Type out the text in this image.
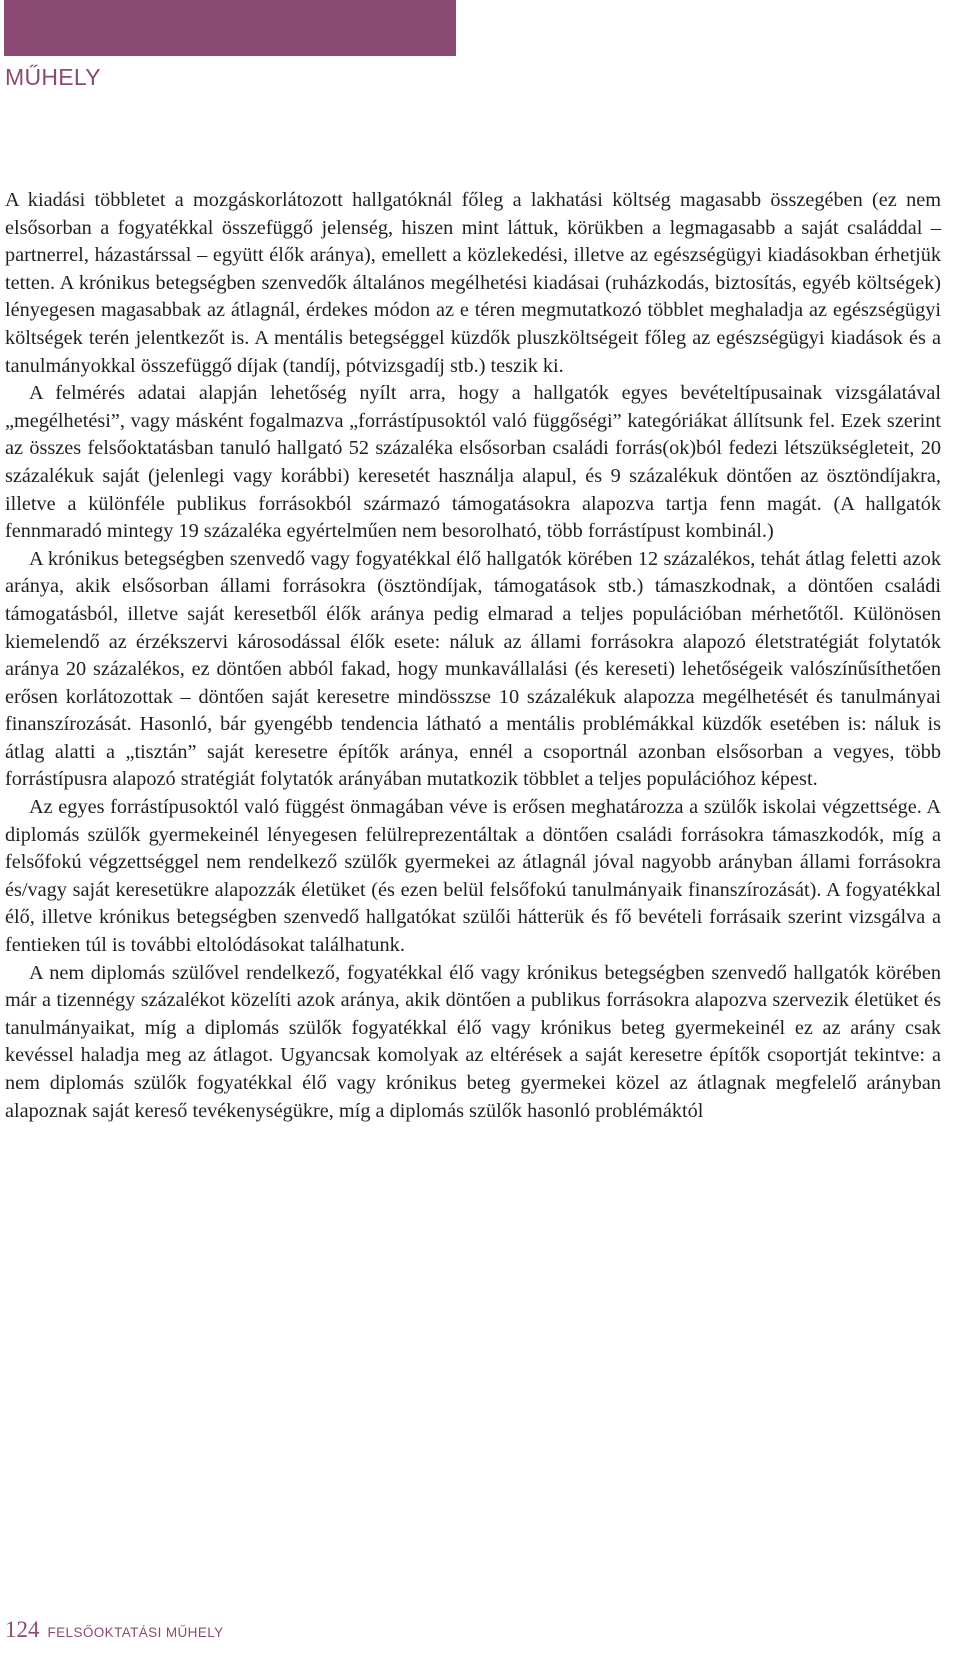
MŰHELY

A kiadási többletet a mozgáskorlátozott hallgatóknál főleg a lakhatási költség magasabb összegében (ez nem elsősorban a fogyatékkal összefüggő jelenség, hiszen mint láttuk, körükben a legmagasabb a saját családdal – partnerrel, házastárssal – együtt élők aránya), emellett a közlekedési, illetve az egészségügyi kiadásokban érhetjük tetten. A krónikus betegségben szenvedők általános megélhetési kiadásai (ruházkodás, biztosítás, egyéb költségek) lényegesen magasabbak az átlagnál, érdekes módon az e téren megmutatkozó többlet meghaladja az egészségügyi költségek terén jelentkezőt is. A mentális betegséggel küzdők pluszköltségeit főleg az egészségügyi kiadások és a tanulmányokkal összefüggő díjak (tandíj, pótvizsgadíj stb.) teszik ki.

A felmérés adatai alapján lehetőség nyílt arra, hogy a hallgatók egyes bevételtípusainak vizsgálatával „megélhetési”, vagy másként fogalmazva „forrástípusoktól való függőségi” kategóriákat állítsunk fel. Ezek szerint az összes felsőoktatásban tanuló hallgató 52 százaléka elsősorban családi forrás(ok)ból fedezi létszükségleteit, 20 százalékuk saját (jelenlegi vagy korábbi) keresetét használja alapul, és 9 százalékuk döntően az ösztöndíjakra, illetve a különféle publikus forrásokból származó támogatásokra alapozva tartja fenn magát. (A hallgatók fennmaradó mintegy 19 százaléka egyértelműen nem besorolható, több forrástípust kombinál.)

A krónikus betegségben szenvedő vagy fogyatékkal élő hallgatók körében 12 százalékos, tehát átlag feletti azok aránya, akik elsősorban állami forrásokra (ösztöndíjak, támogatások stb.) támaszkodnak, a döntően családi támogatásból, illetve saját keresetből élők aránya pedig elmarad a teljes populációban mérhetőtől. Különösen kiemelendő az érzékszervi károsodással élők esete: náluk az állami forrásokra alapozó életstratégiát folytatók aránya 20 százalékos, ez döntően abból fakad, hogy munkavállalási (és kereseti) lehetőségeik valószínűsíthetően erősen korlátozottak – döntően saját keresetre mindösszse 10 százalékuk alapozza megélhetését és tanulmányai finanszírozását. Hasonló, bár gyengébb tendencia látható a mentális problémákkal küzdők esetében is: náluk is átlag alatti a „tisztán” saját keresetre építők aránya, ennél a csoportnál azonban elsősorban a vegyes, több forrástípusra alapozó stratégiát folytatók arányában mutatkozik többlet a teljes populációhoz képest.

Az egyes forrástípusoktól való függést önmagában véve is erősen meghatározza a szülők iskolai végzettsége. A diplomás szülők gyermekeinél lényegesen felülreprezentáltak a döntően családi forrásokra támaszkodók, míg a felsőfokú végzettséggel nem rendelkező szülők gyermekei az átlagnál jóval nagyobb arányban állami forrásokra és/vagy saját keresetükre alapozzák életüket (és ezen belül felsőfokú tanulmányaik finanszírozását). A fogyatékkal élő, illetve krónikus betegségben szenvedő hallgatókat szülői hátterük és fő bevételi forrásaik szerint vizsgálva a fentieken túl is további eltolódásokat találhatunk.

A nem diplomás szülővel rendelkező, fogyatékkal élő vagy krónikus betegségben szenvedő hallgatók körében már a tizennégy százalékot közelíti azok aránya, akik döntően a publikus forrásokra alapozva szervezik életüket és tanulmányaikat, míg a diplomás szülők fogyatékkal élő vagy krónikus beteg gyermekeinél ez az arány csak kevéssel haladja meg az átlagot. Ugyancsak komolyak az eltérések a saját keresetre építők csoportját tekintve: a nem diplomás szülők fogyatékkal élő vagy krónikus beteg gyermekei közel az átlagnak megfelelő arányban alapoznak saját kereső tevékenységükre, míg a diplomás szülők hasonló problémáktól

124 FELSŐOKTATÁSI MŰHELY
